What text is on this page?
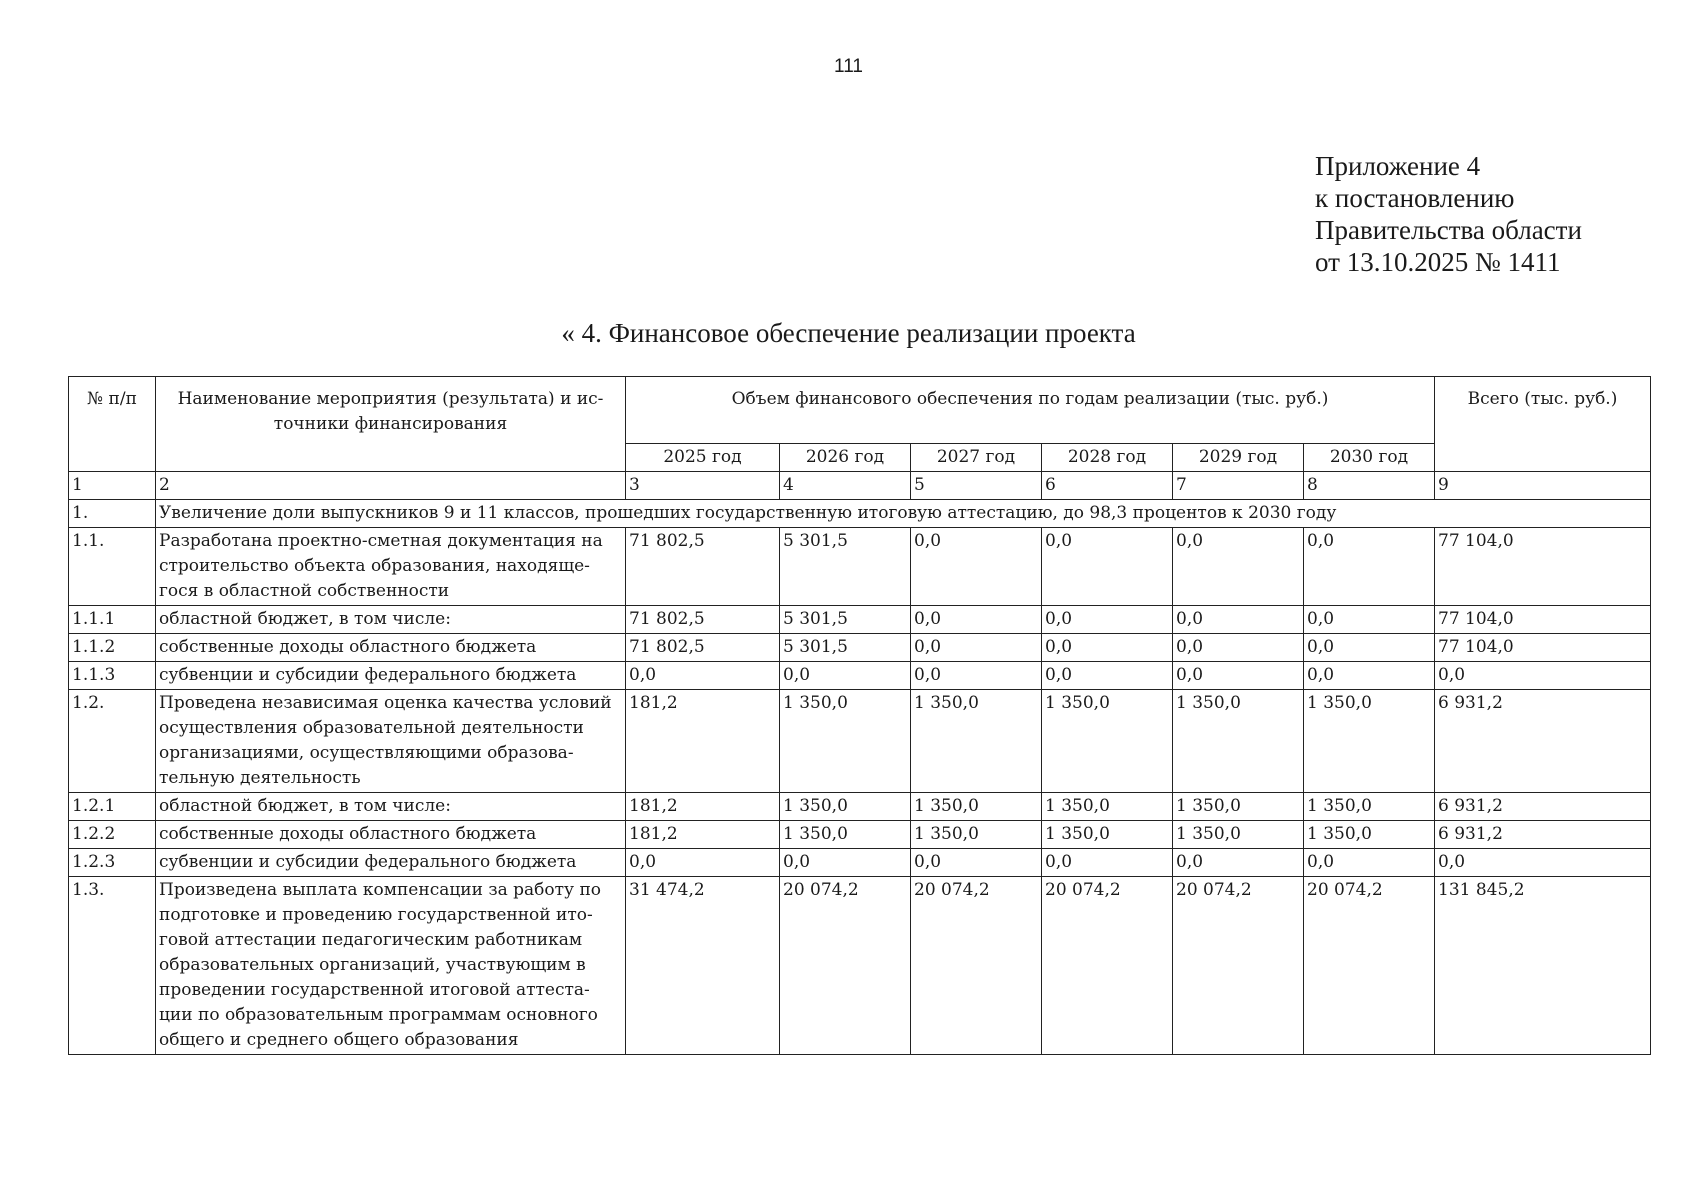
111
Приложение 4
к постановлению
Правительства области
от 13.10.2025 № 1411
« 4. Финансовое обеспечение реализации проекта
№ п/п	Наименование мероприятия (результата) и ис-точники финансирования	Объем финансового обеспечения по годам реализации (тыс. руб.)						Всего (тыс. руб.)
		2025 год	2026 год	2027 год	2028 год	2029 год	2030 год	
1	2	3	4	5	6	7	8	9
1.	Увеличение доли выпускников 9 и 11 классов, прошедших государственную итоговую аттестацию, до 98,3 процентов к 2030 году							
1.1.	Разработана проектно-сметная документация на строительство объекта образования, находяще-гося в областной собственности	71 802,5	5 301,5	0,0	0,0	0,0	0,0	77 104,0
1.1.1	областной бюджет, в том числе:	71 802,5	5 301,5	0,0	0,0	0,0	0,0	77 104,0
1.1.2	собственные доходы областного бюджета	71 802,5	5 301,5	0,0	0,0	0,0	0,0	77 104,0
1.1.3	субвенции и субсидии федерального бюджета	0,0	0,0	0,0	0,0	0,0	0,0	0,0
1.2.	Проведена независимая оценка качества условий осуществления образовательной деятельности организациями, осуществляющими образова-тельную деятельность	181,2	1 350,0	1 350,0	1 350,0	1 350,0	1 350,0	6 931,2
1.2.1	областной бюджет, в том числе:	181,2	1 350,0	1 350,0	1 350,0	1 350,0	1 350,0	6 931,2
1.2.2	собственные доходы областного бюджета	181,2	1 350,0	1 350,0	1 350,0	1 350,0	1 350,0	6 931,2
1.2.3	субвенции и субсидии федерального бюджета	0,0	0,0	0,0	0,0	0,0	0,0	0,0
1.3.	Произведена выплата компенсации за работу по подготовке и проведению государственной ито-говой аттестации педагогическим работникам образовательных организаций, участвующим в проведении государственной итоговой аттеста-ции по образовательным программам основного общего и среднего общего образования	31 474,2	20 074,2	20 074,2	20 074,2	20 074,2	20 074,2	131 845,2
